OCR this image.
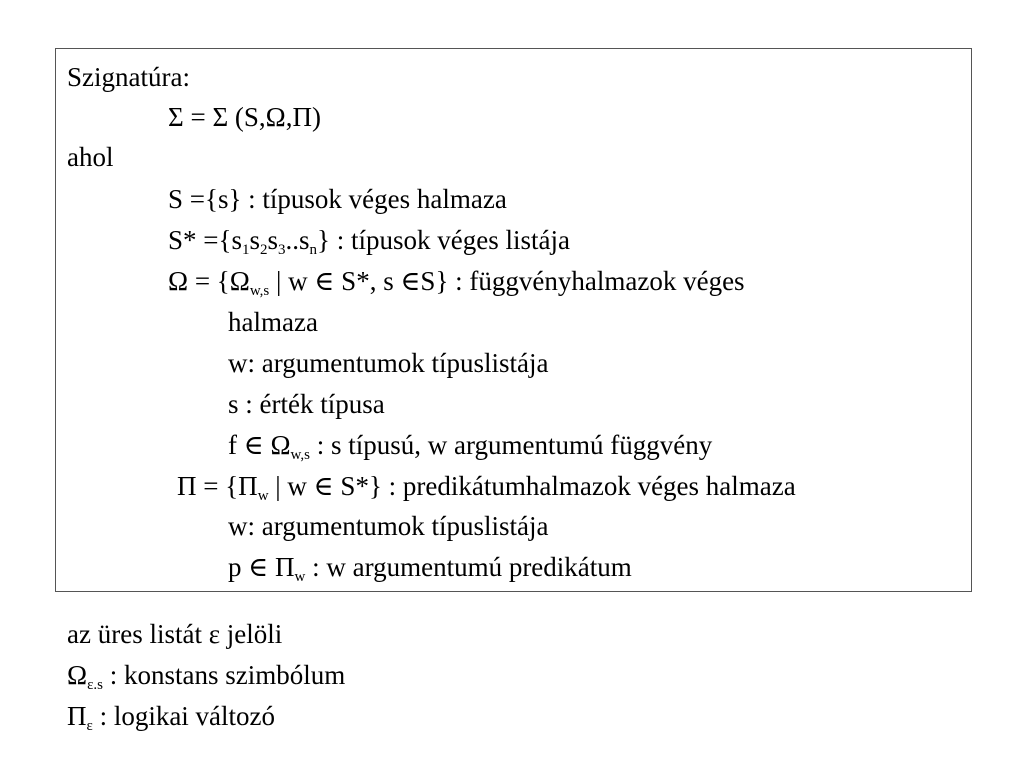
Szignatúra:
Σ = Σ (S,Ω,Π)
ahol
S ={s} : típusok véges halmaza
$S* =\{s_1s_2s_3..s_n\}$ : típusok véges listája
$\Omega = \{\Omega_{w,s}$ | w ∈ S*, s ∈S} : függvényhalmazok véges
halmaza
w: argumentumok típuslistája
s : érték típusa
f ∈ $\Omega_{w,s}$ : s típusú, w argumentumú függvény
$\Pi = \{\Pi_w$ | w ∈ S*} : predikátumhalmazok véges halmaza
w: argumentumok típuslistája
p ∈ $\Pi_w$ : w argumentumú predikátum
az üres listát ε jelöli
$\Omega_{\varepsilon.s}$ : konstans szimbólum
$\Pi_\varepsilon$ : logikai változó
